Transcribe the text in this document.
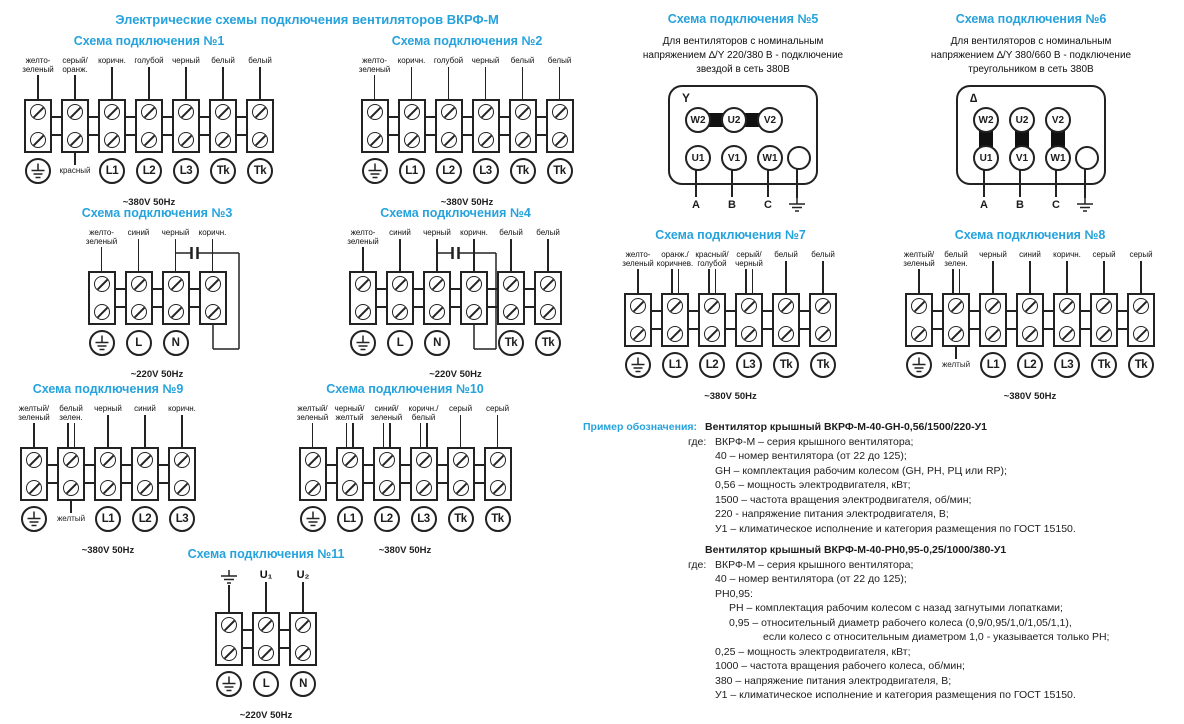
Электрические схемы подключения вентиляторов ВКРФ-М
Схема подключения №1
желто-
зеленый
серый/
оранж.
красный
коричн.
L1
голубой
L2
черный
L3
белый
Tk
белый
Tk
~380V 50Hz
Схема подключения №2
желто-
зеленый
коричн.
L1
голубой
L2
черный
L3
белый
Tk
белый
Tk
~380V 50Hz
Схема подключения №3
желто-
зеленый
синий
L
черный
N
коричн.
~220V 50Hz
Схема подключения №4
желто-
зеленый
синий
L
черный
N
коричн. белый
Tk
белый
Tk
~220V 50Hz
Схема подключения №5
Для вентиляторов с номинальным
напряжением ∆/Y 220/380 В - подключение
звездой в сеть 380В
Y
W2	U2	V2
U1	V1	W1
A	B	C
Схема подключения №6
Для вентиляторов с номинальным
напряжением ∆/Y 380/660 В - подключение
треугольником в сеть 380В
∆
W2	U2	V2
U1	V1	W1
A	B	C
Схема подключения №7
желто-
зеленый
оранж./
коричнев.
L1
красный/
голубой
L2
серый/
черный
L3
белый
Tk
белый
Tk
~380V 50Hz
Схема подключения №8
желтый/
зеленый
белый
зелен.
желтый
черный
L1
синий
L2
коричн.
L3
серый
Tk
серый
Tk
~380V 50Hz
Схема подключения №9
желтый/
зеленый
белый
зелен.
желтый
черный
L1
синий
L2
коричн.
L3
~380V 50Hz
Схема подключения №10
желтый/
зеленый
черный/
желтый
L1
синий/
зеленый
L2
коричн./
белый
L3
серый
Tk
серый
Tk
~380V 50Hz
Схема подключения №11
U₁
L
U₂
N
~220V 50Hz
Пример обозначения: Вентилятор крышный ВКРФ-М-40-GH-0,56/1500/220-У1
где: ВКРФ-М – серия крышного вентилятора;
40 – номер вентилятора (от 22 до 125);
GH – комплектация рабочим колесом (GH, PH, РЦ или RP);
0,56 – мощность электродвигателя, кВт;
1500 – частота вращения электродвигателя, об/мин;
220 - напряжение питания электродвигателя, В;
У1 – климатическое исполнение и категория размещения по ГОСТ 15150.
Вентилятор крышный ВКРФ-М-40-РН0,95-0,25/1000/380-У1
где: ВКРФ-М – серия крышного вентилятора;
40 – номер вентилятора (от 22 до 125);
РН0,95:
РН – комплектация рабочим колесом с назад загнутыми лопатками;
0,95 – относительный диаметр рабочего колеса (0,9/0,95/1,0/1,05/1,1),
если колесо с относительным диаметром 1,0 - указывается только РН;
0,25 – мощность электродвигателя, кВт;
1000 – частота вращения рабочего колеса, об/мин;
380 – напряжение питания электродвигателя, В;
У1 – климатическое исполнение и категория размещения по ГОСТ 15150.
